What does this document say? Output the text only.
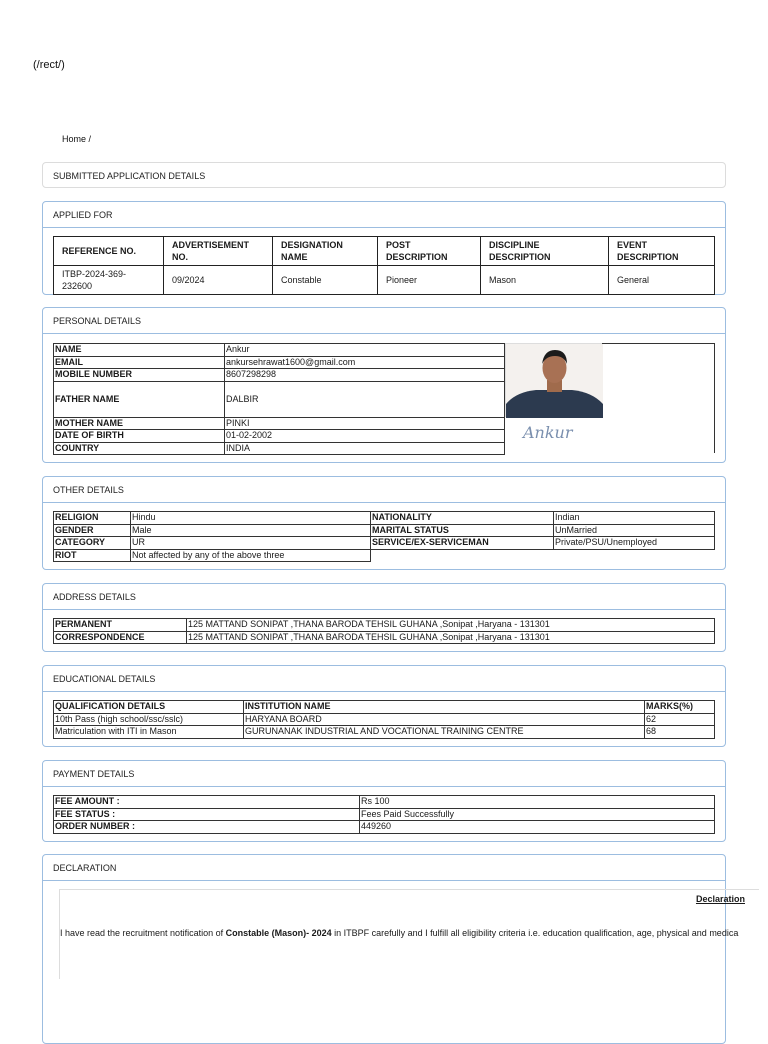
(/rect/)
Home /
SUBMITTED APPLICATION DETAILS
APPLIED FOR
REFERENCE NO.	ADVERTISEMENT NO.	DESIGNATION NAME	POST DESCRIPTION	DISCIPLINE DESCRIPTION	EVENT DESCRIPTION
ITBP-2024-369-232600	09/2024	Constable	Pioneer	Mason	General
PERSONAL DETAILS
NAME	Ankur
EMAIL	ankursehrawat1600@gmail.com
MOBILE NUMBER	8607298298
FATHER NAME	DALBIR
MOTHER NAME	PINKI
DATE OF BIRTH	01-02-2002
COUNTRY	INDIA
Ankur
OTHER DETAILS
RELIGION	Hindu	NATIONALITY	Indian
GENDER	Male	MARITAL STATUS	UnMarried
CATEGORY	UR	SERVICE/EX-SERVICEMAN	Private/PSU/Unemployed
RIOT	Not affected by any of the above three		
ADDRESS DETAILS
PERMANENT	125 MATTAND SONIPAT ,THANA BARODA TEHSIL GUHANA ,Sonipat ,Haryana - 131301
CORRESPONDENCE	125 MATTAND SONIPAT ,THANA BARODA TEHSIL GUHANA ,Sonipat ,Haryana - 131301
EDUCATIONAL DETAILS
QUALIFICATION DETAILS	INSTITUTION NAME	MARKS(%)
10th Pass (high school/ssc/sslc)	HARYANA BOARD	62
Matriculation with ITI in Mason	GURUNANAK INDUSTRIAL AND VOCATIONAL TRAINING CENTRE	68
PAYMENT DETAILS
FEE AMOUNT :	Rs 100
FEE STATUS :	Fees Paid Successfully
ORDER NUMBER :	449260
DECLARATION
Declaration
I have read the recruitment notification of Constable (Mason)- 2024 in ITBPF carefully and I fulfill all eligibility criteria i.e. education qualification, age, physical and medica
